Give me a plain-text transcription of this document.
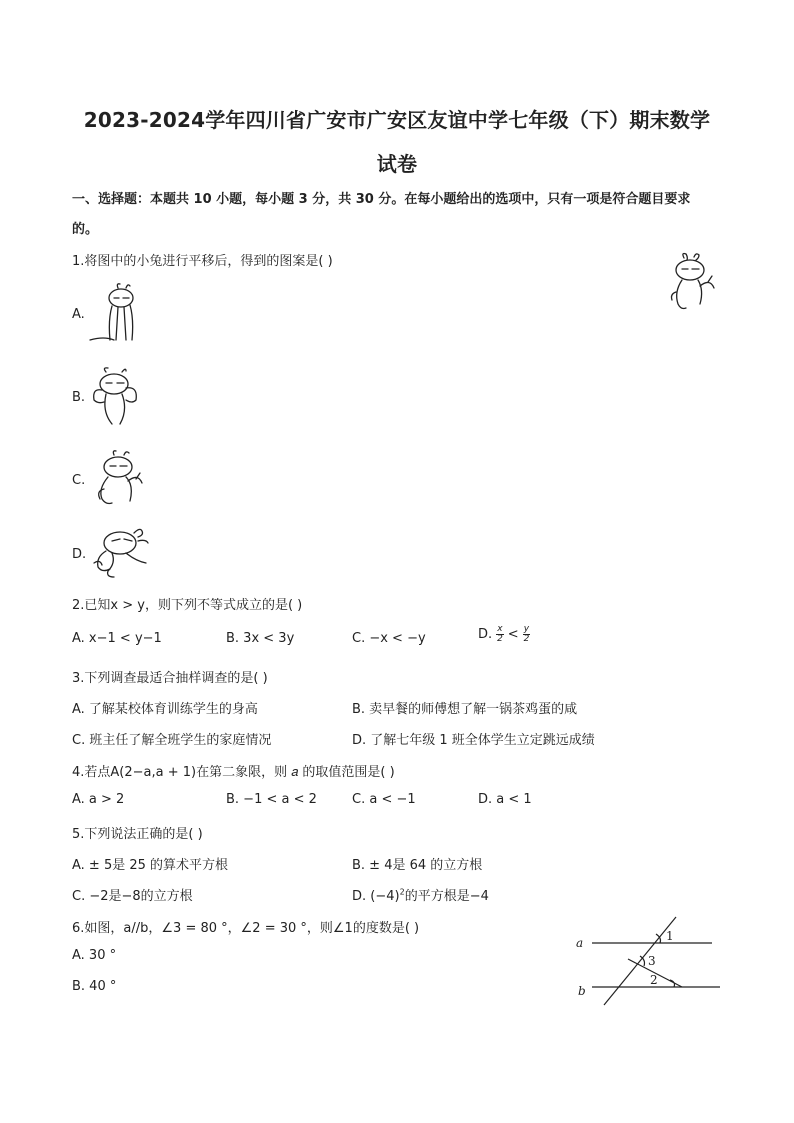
2023-2024学年四川省广安市广安区友谊中学七年级（下）期末数学
试卷
一、选择题：本题共 10 小题，每小题 3 分，共 30 分。在每小题给出的选项中，只有一项是符合题目要求
的。
1.将图中的小兔进行平移后，得到的图案是( )
A.
B.
C.
D.
2.已知x > y，则下列不等式成立的是( )
A. x−1 < y−1	B. 3x < 3y	C. −x < −y	D. $\frac{x}{2} < \frac{y}{2}$
3.下列调查最适合抽样调查的是( )
A. 了解某校体育训练学生的身高	B. 卖早餐的师傅想了解一锅茶鸡蛋的咸
C. 班主任了解全班学生的家庭情况	D. 了解七年级 1 班全体学生立定跳远成绩
4.若点A(2−a,a + 1)在第二象限，则 𝑎 的取值范围是( )
A. a > 2	B. −1 < a < 2	C. a < −1	D. a < 1
5.下列说法正确的是( )
A. ± 5是 25 的算术平方根	B. ± 4是 64 的立方根
C. −2是−8的立方根	D. $(-4)^2$的平方根是−4
6.如图，a//b，∠3 = 80 °，∠2 = 30 °，则∠1的度数是( )
A. 30 °
B. 40 °
a
b
1
3
2
